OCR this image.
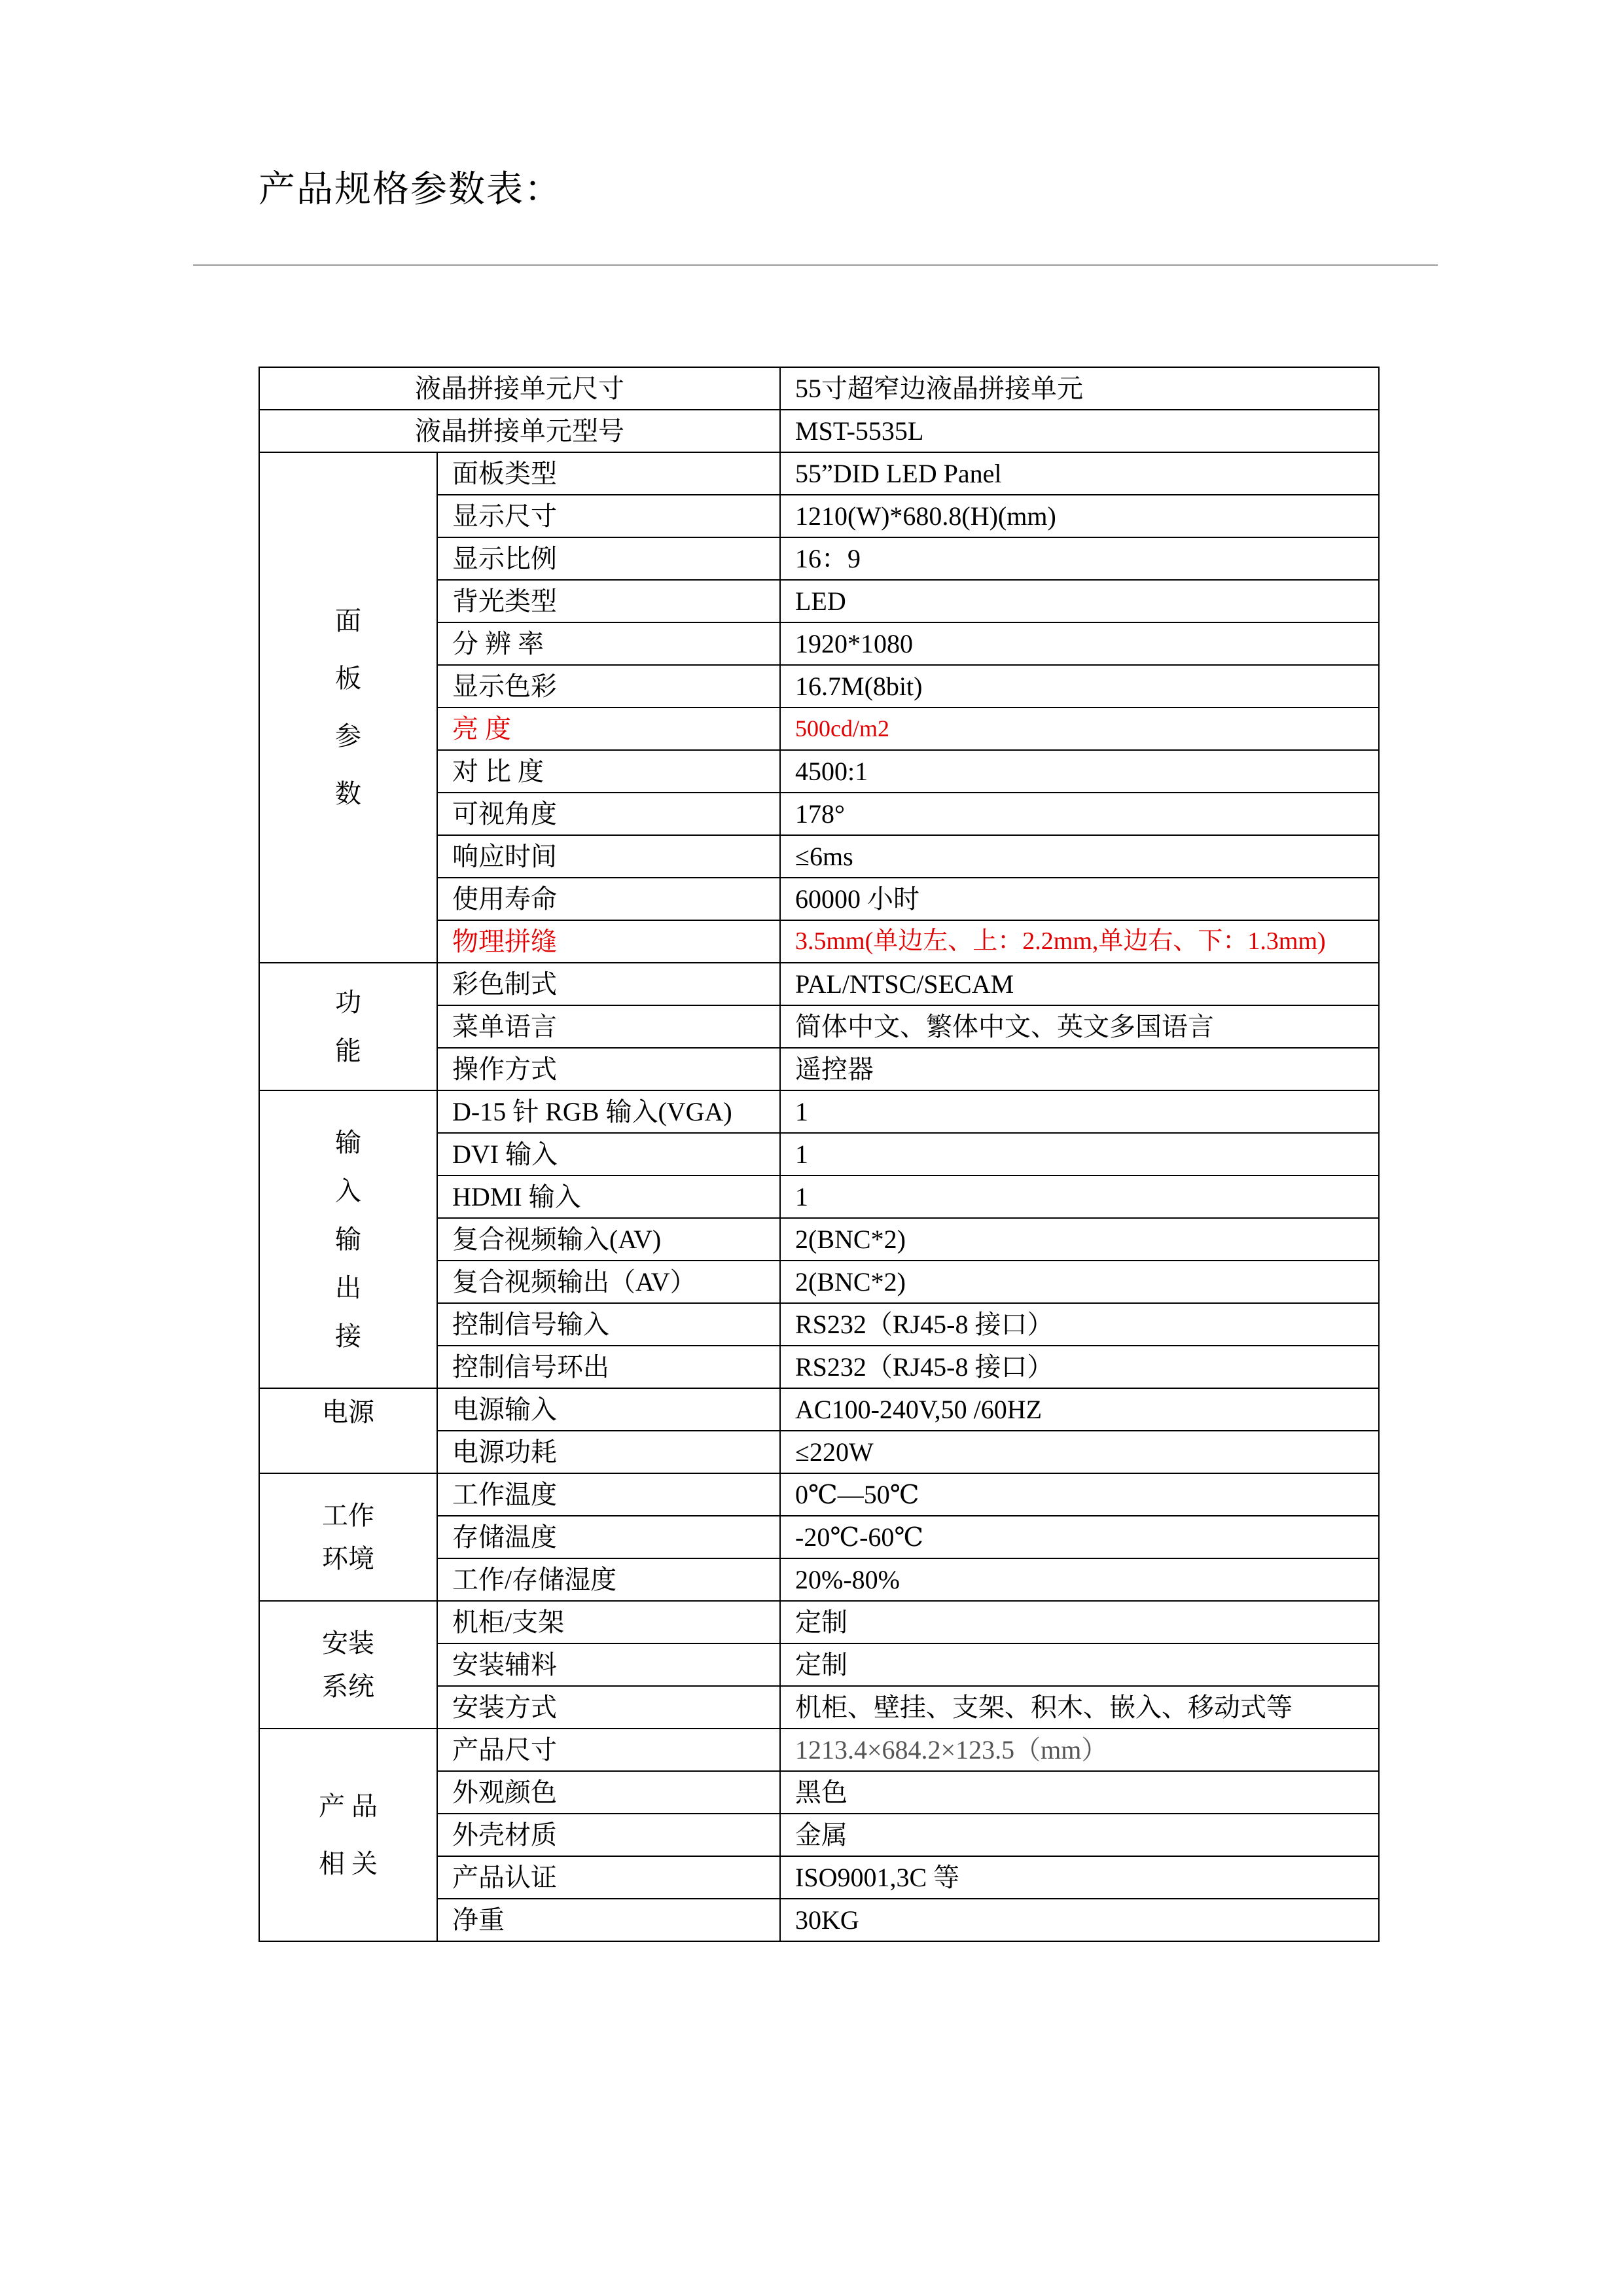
产品规格参数表：
液晶拼接单元尺寸		55寸超窄边液晶拼接单元
液晶拼接单元型号		MST-5535L

面
板
参
数	面板类型	55”DID LED Panel
	显示尺寸	1210(W)*680.8(H)(mm)
	显示比例	16：9
	背光类型	LED
	分 辨 率	1920*1080
	显示色彩	16.7M(8bit)
	亮 度	500cd/m2
	对 比 度	4500:1
	可视角度	178°
	响应时间	≤6ms
	使用寿命	60000 小时
	物理拼缝	3.5mm(单边左、上：2.2mm,单边右、下：1.3mm)

功
能	彩色制式	PAL/NTSC/SECAM
	菜单语言	简体中文、繁体中文、英文多国语言
	操作方式	遥控器

输
入
输
出
接	D-15 针 RGB 输入(VGA)	1
	DVI 输入	1
	HDMI 输入	1
	复合视频输入(AV)	2(BNC*2)
	复合视频输出（AV）	2(BNC*2)
	控制信号输入	RS232（RJ45-8 接口）
	控制信号环出	RS232（RJ45-8 接口）

电源	电源输入	AC100-240V,50 /60HZ
	电源功耗	≤220W

工作
环境	工作温度	0℃—50℃
	存储温度	-20℃-60℃
	工作/存储湿度	20%-80%

安装
系统	机柜/支架	定制
	安装辅料	定制
	安装方式	机柜、壁挂、支架、积木、嵌入、移动式等

产 品
相 关	产品尺寸	1213.4×684.2×123.5（mm）
	外观颜色	黑色
	外壳材质	金属
	产品认证	ISO9001,3C 等
	净重	30KG
